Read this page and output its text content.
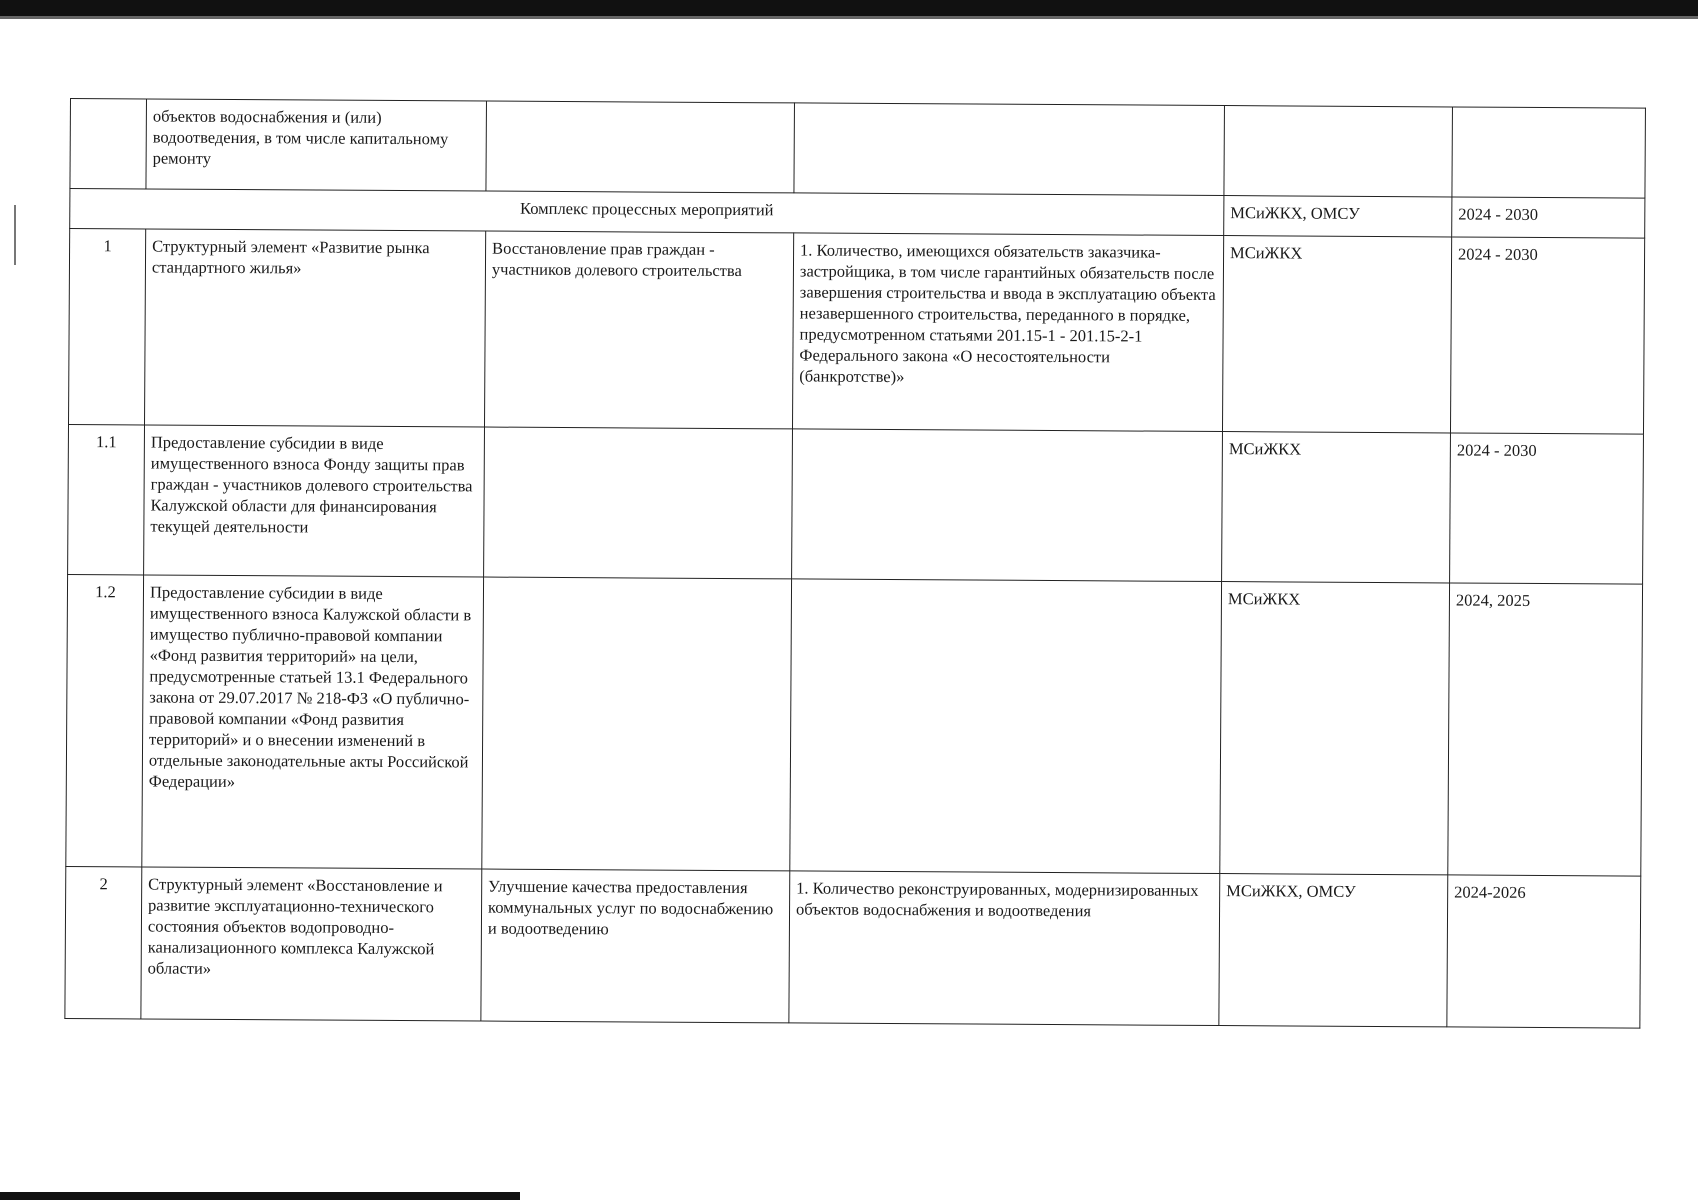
	объектов водоснабжения и (или) водоотведения, в том числе капитальному ремонту				
Комплекс процессных мероприятий				МСиЖКХ, ОМСУ	2024 - 2030
1	Структурный элемент «Развитие рынка стандартного жилья»	Восстановление прав граждан - участников долевого строительства	1. Количество, имеющихся обязательств заказчика-застройщика, в том числе гарантийных обязательств после завершения строительства и ввода в эксплуатацию объекта незавершенного строительства, переданного в порядке, предусмотренном статьями 201.15-1 - 201.15-2-1 Федерального закона «О несостоятельности (банкротстве)»	МСиЖКХ	2024 - 2030
1.1	Предоставление субсидии в виде имущественного взноса Фонду защиты прав граждан - участников долевого строительства Калужской области для финансирования текущей деятельности			МСиЖКХ	2024 - 2030
1.2	Предоставление субсидии в виде имущественного взноса Калужской области в имущество публично-правовой компании «Фонд развития территорий» на цели, предусмотренные статьей 13.1 Федерального закона от 29.07.2017 № 218-ФЗ «О публично-правовой компании «Фонд развития территорий» и о внесении изменений в отдельные законодательные акты Российской Федерации»			МСиЖКХ	2024, 2025
2	Структурный элемент «Восстановление и развитие эксплуатационно-технического состояния объектов водопроводно-канализационного комплекса Калужской области»	Улучшение качества предоставления коммунальных услуг по водоснабжению и водоотведению	1. Количество реконструированных, модернизированных объектов водоснабжения и водоотведения	МСиЖКХ, ОМСУ	2024-2026
